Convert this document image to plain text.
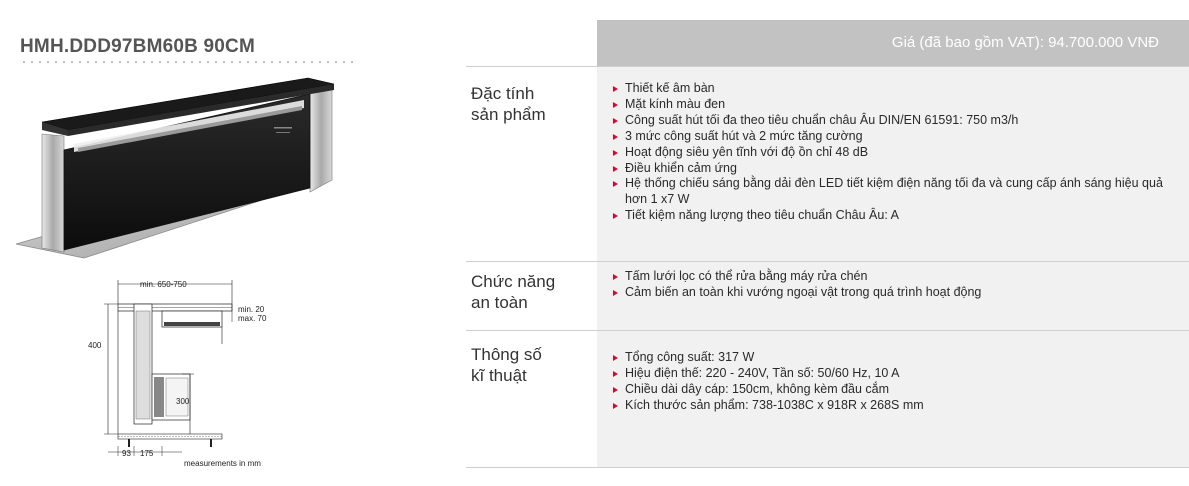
HMH.DDD97BM60B 90CM
min. 650-750
min. 20
max. 70
400
300
93 175
measurements in mm
Giá (đã bao gồm VAT): 94.700.000 VNĐ
Đặc tính
sản phẩm
Thiết kế âm bàn
Mặt kính màu đen
Công suất hút tối đa theo tiêu chuẩn châu Âu DIN/EN 61591: 750 m3/h
3 mức công suất hút và 2 mức tăng cường
Hoạt động siêu yên tĩnh với độ ồn chỉ 48 dB
Điều khiển cảm ứng
Hệ thống chiếu sáng bằng dải đèn LED tiết kiệm điện năng tối đa và cung cấp ánh sáng hiệu quả hơn 1 x7 W
Tiết kiệm năng lượng theo tiêu chuẩn Châu Âu: A
Chức năng
an toàn
Tấm lưới lọc có thể rửa bằng máy rửa chén
Cảm biến an toàn khi vướng ngoại vật trong quá trình hoạt động
Thông số
kĩ thuật
Tổng công suất: 317 W
Hiệu điện thế: 220 - 240V, Tần số: 50/60 Hz, 10 A
Chiều dài dây cáp: 150cm, không kèm đầu cắm
Kích thước sản phẩm: 738-1038C x 918R x 268S mm
